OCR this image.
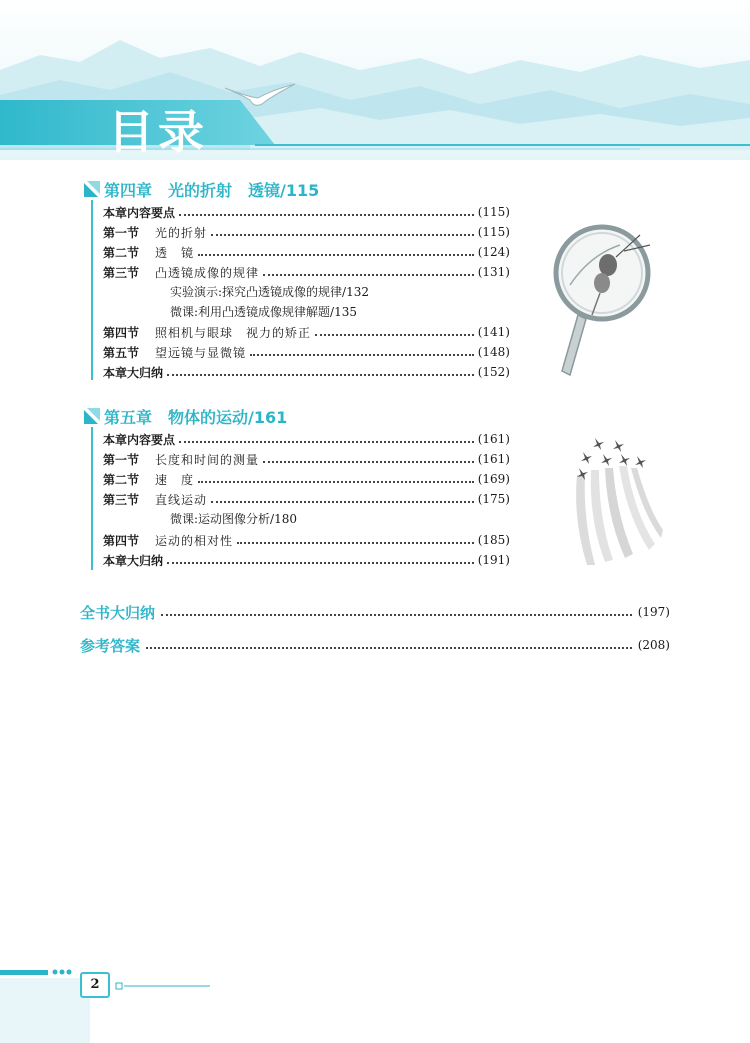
目录
第四章　光的折射　透镜/115
本章内容要点	(115)
第一节	光的折射	(115)
第二节	透　镜	(124)
第三节	凸透镜成像的规律	(131)
实验演示:探究凸透镜成像的规律/132
微课:利用凸透镜成像规律解题/135
第四节	照相机与眼球　视力的矫正	(141)
第五节	望远镜与显微镜	(148)
本章大归纳	(152)
第五章　物体的运动/161
本章内容要点	(161)
第一节	长度和时间的测量	(161)
第二节	速　度	(169)
第三节	直线运动	(175)
微课:运动图像分析/180
第四节	运动的相对性	(185)
本章大归纳	(191)
全书大归纳	(197)
参考答案	(208)
2
